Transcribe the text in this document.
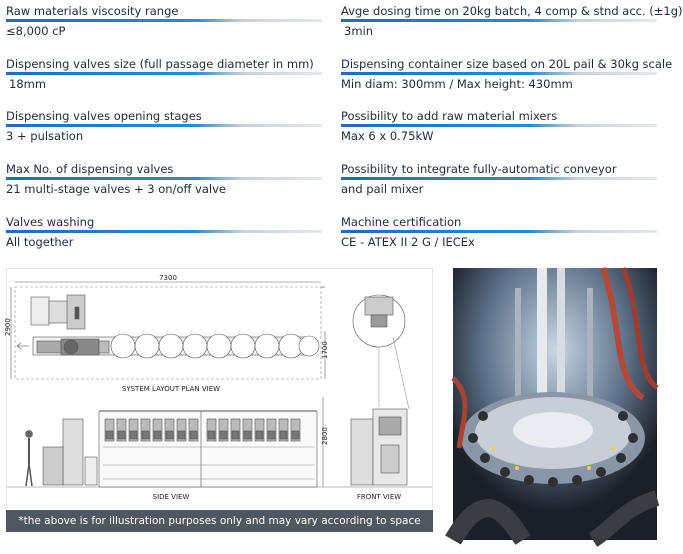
Raw materials viscosity range
≤8,000 cP
Dispensing valves size (full passage diameter in mm)
18mm
Dispensing valves opening stages
3 + pulsation
Max No. of dispensing valves
21 multi-stage valves + 3 on/off valve
Valves washing
All together
Avge dosing time on 20kg batch, 4 comp & stnd acc. (±1g)
3min
Dispensing container size based on 20L pail & 30kg scale
Min diam: 300mm / Max height: 430mm
Possibility to add raw material mixers
Max 6 x 0.75kW
Possibility to integrate fully-automatic conveyor
and pail mixer
Machine certification
CE - ATEX II 2 G / IECEx
7300
2900
1700
2800
SYSTEM LAYOUT PLAN VIEW
SIDE VIEW	FRONT VIEW
*the above is for illustration purposes only and may vary according to space availability
